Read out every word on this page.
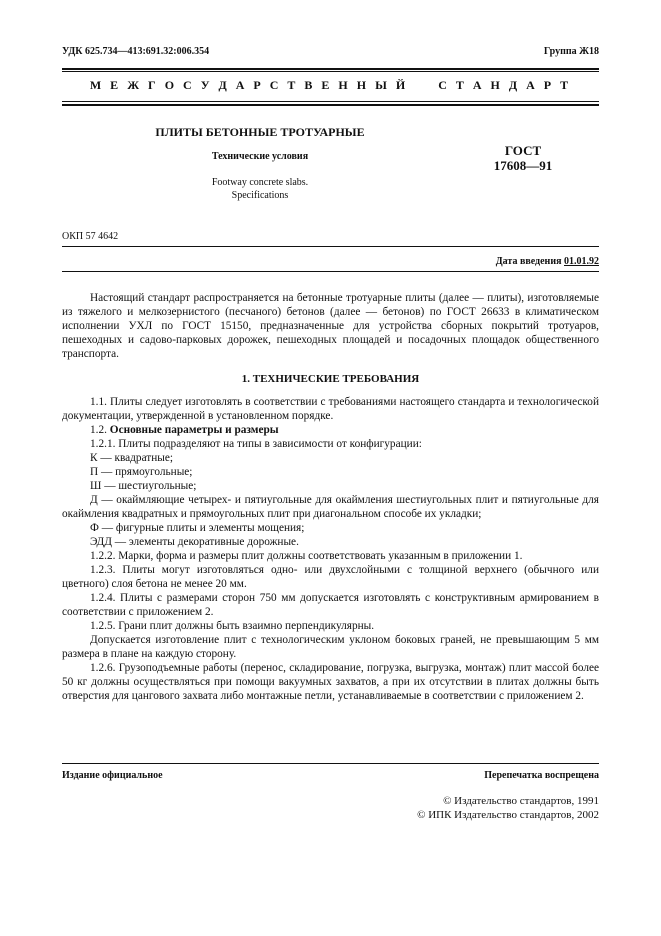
УДК 625.734—413:691.32:006.354	Группа Ж18
М Е Ж Г О С У Д А Р С Т В Е Н Н Ы Й     С Т А Н Д А Р Т
ПЛИТЫ БЕТОННЫЕ ТРОТУАРНЫЕ
Технические условия
Footway concrete slabs.
Specifications
ГОСТ
17608—91
ОКП 57 4642
Дата введения 01.01.92

Настоящий стандарт распространяется на бетонные тротуарные плиты (далее — плиты), изготовляемые из тяжелого и мелкозернистого (песчаного) бетонов (далее — бетонов) по ГОСТ 26633 в климатическом исполнении УХЛ по ГОСТ 15150, предназначенные для устройства сборных покрытий тротуаров, пешеходных и садово-парковых дорожек, пешеходных площадей и посадочных площадок общественного транспорта.

1. ТЕХНИЧЕСКИЕ ТРЕБОВАНИЯ

1.1. Плиты следует изготовлять в соответствии с требованиями настоящего стандарта и технологической документации, утвержденной в установленном порядке.

1.2. Основные параметры и размеры

1.2.1. Плиты подразделяют на типы в зависимости от конфигурации:

К — квадратные;

П — прямоугольные;

Ш — шестиугольные;

Д — окаймляющие четырех- и пятиугольные для окаймления шестиугольных плит и пятиугольные для окаймления квадратных и прямоугольных плит при диагональном способе их укладки;

Ф — фигурные плиты и элементы мощения;

ЭДД — элементы декоративные дорожные.

1.2.2. Марки, форма и размеры плит должны соответствовать указанным в приложении 1.

1.2.3. Плиты могут изготовляться одно- или двухслойными с толщиной верхнего (обычного или цветного) слоя бетона не менее 20 мм.

1.2.4. Плиты с размерами сторон 750 мм допускается изготовлять с конструктивным армированием в соответствии с приложением 2.

1.2.5. Грани плит должны быть взаимно перпендикулярны.

Допускается изготовление плит с технологическим уклоном боковых граней, не превышающим 5 мм размера в плане на каждую сторону.

1.2.6. Грузоподъемные работы (перенос, складирование, погрузка, выгрузка, монтаж) плит массой более 50 кг должны осуществляться при помощи вакуумных захватов, а при их отсутствии в плитах должны быть отверстия для цангового захвата либо монтажные петли, устанавливаемые в соответствии с приложением 2.

Издание официальное	Перепечатка воспрещена
© Издательство стандартов, 1991
© ИПК Издательство стандартов, 2002
